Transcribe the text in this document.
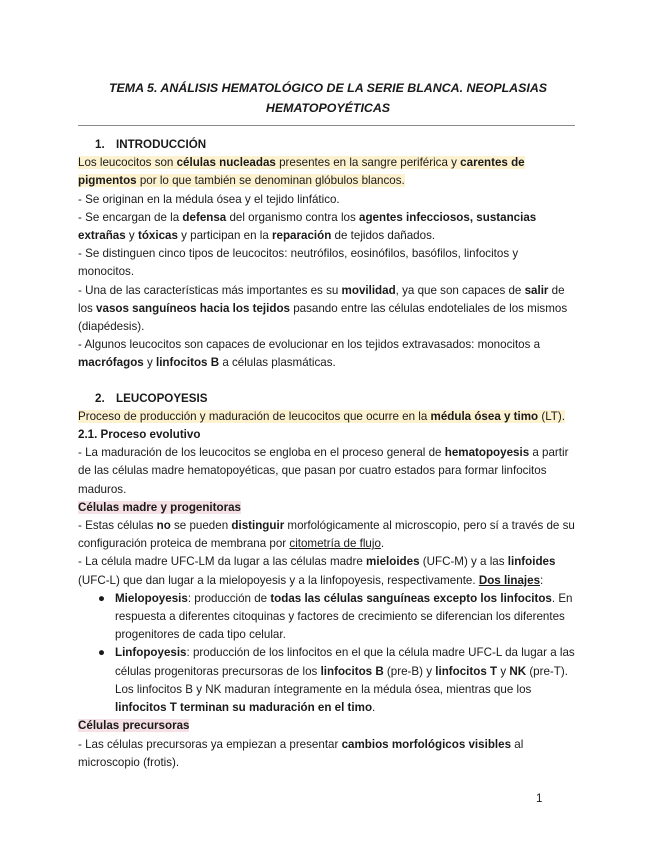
TEMA 5. ANÁLISIS HEMATOLÓGICO DE LA SERIE BLANCA. NEOPLASIAS
HEMATOPOYÉTICAS

1. INTRODUCCIÓN

Los leucocitos son células nucleadas presentes en la sangre periférica y carentes de pigmentos por lo que también se denominan glóbulos blancos.

- Se originan en la médula ósea y el tejido linfático.

- Se encargan de la defensa del organismo contra los agentes infecciosos, sustancias extrañas y tóxicas y participan en la reparación de tejidos dañados.

- Se distinguen cinco tipos de leucocitos: neutrófilos, eosinófilos, basófilos, linfocitos y monocitos.

- Una de las características más importantes es su movilidad, ya que son capaces de salir de los vasos sanguíneos hacia los tejidos pasando entre las células endoteliales de los mismos (diapédesis).

- Algunos leucocitos son capaces de evolucionar en los tejidos extravasados: monocitos a macrófagos y linfocitos B a células plasmáticas.

2. LEUCOPOYESIS

Proceso de producción y maduración de leucocitos que ocurre en la médula ósea y timo (LT).

2.1. Proceso evolutivo

- La maduración de los leucocitos se engloba en el proceso general de hematopoyesis a partir de las células madre hematopoyéticas, que pasan por cuatro estados para formar linfocitos maduros.

Células madre y progenitoras

- Estas células no se pueden distinguir morfológicamente al microscopio, pero sí a través de su configuración proteica de membrana por citometría de flujo.

- La célula madre UFC-LM da lugar a las células madre mieloides (UFC-M) y a las linfoides (UFC-L) que dan lugar a la mielopoyesis y a la linfopoyesis, respectivamente. Dos linajes:

● Mielopoyesis: producción de todas las células sanguíneas excepto los linfocitos. En respuesta a diferentes citoquinas y factores de crecimiento se diferencian los diferentes progenitores de cada tipo celular.
● Linfopoyesis: producción de los linfocitos en el que la célula madre UFC-L da lugar a las células progenitoras precursoras de los linfocitos B (pre-B) y linfocitos T y NK (pre-T). Los linfocitos B y NK maduran íntegramente en la médula ósea, mientras que los linfocitos T terminan su maduración en el timo.

Células precursoras

- Las células precursoras ya empiezan a presentar cambios morfológicos visibles al microscopio (frotis).

1
